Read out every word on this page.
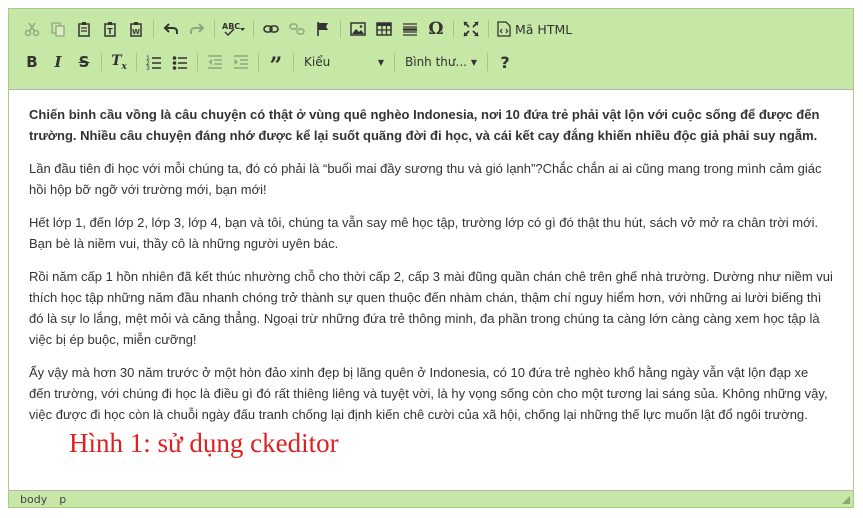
T	W
ABC	Ω	Mã HTML
B I S $T_x$
1
2
3	” Kiểu	▼ Bình thư... ▼ ?

Chiến binh cầu vồng là câu chuyện có thật ở vùng quê nghèo Indonesia, nơi 10 đứa trẻ phải vật lộn với cuộc sống để được đến trường. Nhiều câu chuyện đáng nhớ được kể lại suốt quãng đời đi học, và cái kết cay đắng khiến nhiều độc giả phải suy ngẫm.

Lần đầu tiên đi học với mỗi chúng ta, đó có phải là “buổi mai đầy sương thu và gió lạnh”?Chắc chắn ai ai cũng mang trong mình cảm giác hồi hộp bỡ ngỡ với trường mới, bạn mới!

Hết lớp 1, đến lớp 2, lớp 3, lớp 4, bạn và tôi, chúng ta vẫn say mê học tập, trường lớp có gì đó thật thu hút, sách vở mở ra chân trời mới. Bạn bè là niềm vui, thầy cô là những người uyên bác.

Rồi năm cấp 1 hồn nhiên đã kết thúc nhường chỗ cho thời cấp 2, cấp 3 mài đũng quần chán chê trên ghế nhà trường. Dường như niềm vui thích học tập những năm đầu nhanh chóng trở thành sự quen thuộc đến nhàm chán, thậm chí nguy hiểm hơn, với những ai lười biếng thì đó là sự lo lắng, mệt mỏi và căng thẳng. Ngoại trừ những đứa trẻ thông minh, đa phần trong chúng ta càng lớn càng càng xem học tập là việc bị ép buộc, miễn cưỡng!

Ấy vậy mà hơn 30 năm trước ở một hòn đảo xinh đẹp bị lãng quên ở Indonesia, có 10 đứa trẻ nghèo khổ hằng ngày vẫn vật lộn đạp xe đến trường, với chúng đi học là điều gì đó rất thiêng liêng và tuyệt vời, là hy vọng sống còn cho một tương lai sáng sủa. Không những vậy, việc được đi học còn là chuỗi ngày đấu tranh chống lại định kiến chê cười của xã hội, chống lại những thế lực muốn lật đổ ngôi trường.

Hình 1: sử dụng ckeditor
body p
